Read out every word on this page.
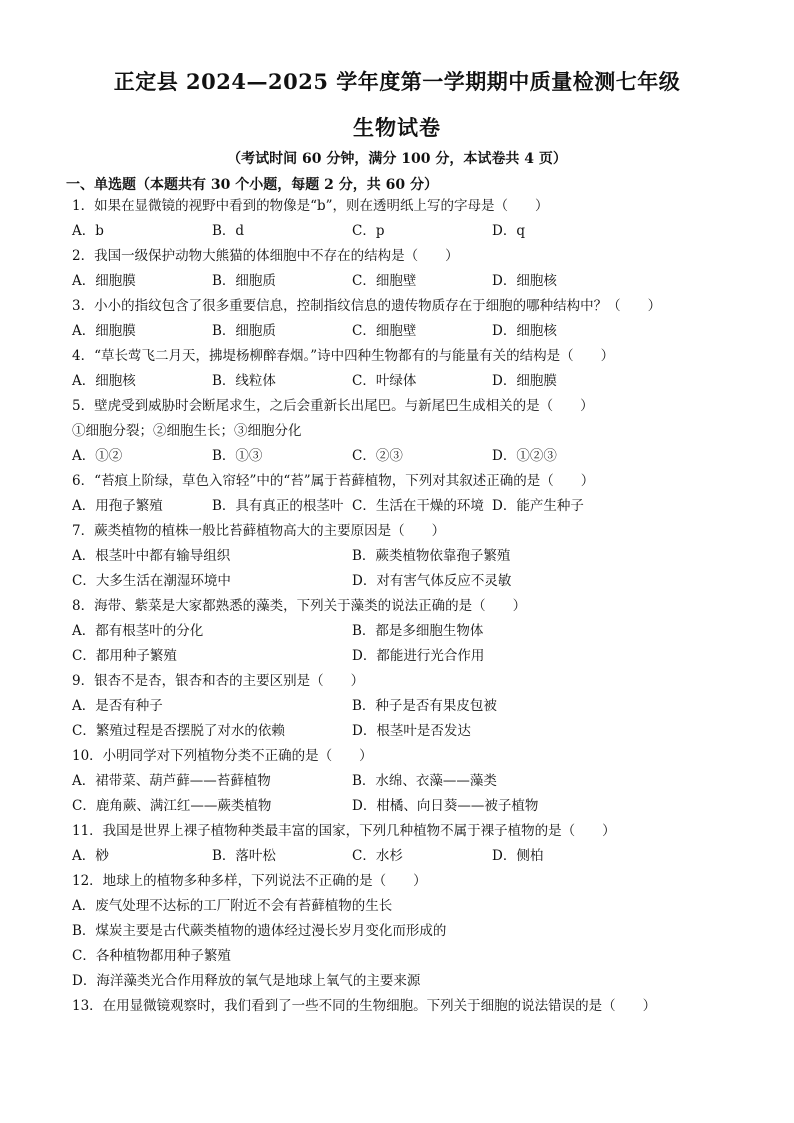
正定县 2024—2025 学年度第一学期期中质量检测七年级
生物试卷
（考试时间 60 分钟，满分 100 分，本试卷共 4 页）
一、单选题（本题共有 30 个小题，每题 2 分，共 60 分）
1．如果在显微镜的视野中看到的物像是“b”，则在透明纸上写的字母是（　　）
A．b	B．d	C．p	D．q
2．我国一级保护动物大熊猫的体细胞中不存在的结构是（　　）
A．细胞膜	B．细胞质	C．细胞壁	D．细胞核
3．小小的指纹包含了很多重要信息，控制指纹信息的遗传物质存在于细胞的哪种结构中？（　　）
A．细胞膜	B．细胞质	C．细胞壁	D．细胞核
4．“草长莺飞二月天，拂堤杨柳醉春烟。”诗中四种生物都有的与能量有关的结构是（　　）
A．细胞核	B．线粒体	C．叶绿体	D．细胞膜
5．壁虎受到威胁时会断尾求生，之后会重新长出尾巴。与新尾巴生成相关的是（　　）
①细胞分裂；②细胞生长；③细胞分化
A．①②	B．①③	C．②③	D．①②③
6．“苔痕上阶绿，草色入帘轻”中的“苔”属于苔藓植物，下列对其叙述正确的是（　　）
A．用孢子繁殖	B．具有真正的根茎叶 C．生活在干燥的环境 D．能产生种子
7．蕨类植物的植株一般比苔藓植物高大的主要原因是（　　）
A．根茎叶中都有输导组织	B．蕨类植物依靠孢子繁殖
C．大多生活在潮湿环境中	D．对有害气体反应不灵敏
8．海带、紫菜是大家都熟悉的藻类，下列关于藻类的说法正确的是（　　）
A．都有根茎叶的分化	B．都是多细胞生物体
C．都用种子繁殖	D．都能进行光合作用
9．银杏不是杏，银杏和杏的主要区别是（　　）
A．是否有种子	B．种子是否有果皮包被
C．繁殖过程是否摆脱了对水的依赖	D．根茎叶是否发达
10．小明同学对下列植物分类不正确的是（　　）
A．裙带菜、葫芦藓——苔藓植物	B．水绵、衣藻——藻类
C．鹿角蕨、满江红——蕨类植物	D．柑橘、向日葵——被子植物
11．我国是世界上裸子植物种类最丰富的国家，下列几种植物不属于裸子植物的是（　　）
A．桫	B．落叶松	C．水杉	D．侧柏
12．地球上的植物多种多样，下列说法不正确的是（　　）
A．废气处理不达标的工厂附近不会有苔藓植物的生长
B．煤炭主要是古代蕨类植物的遗体经过漫长岁月变化而形成的
C．各种植物都用种子繁殖
D．海洋藻类光合作用释放的氧气是地球上氧气的主要来源
13．在用显微镜观察时，我们看到了一些不同的生物细胞。下列关于细胞的说法错误的是（　　）
